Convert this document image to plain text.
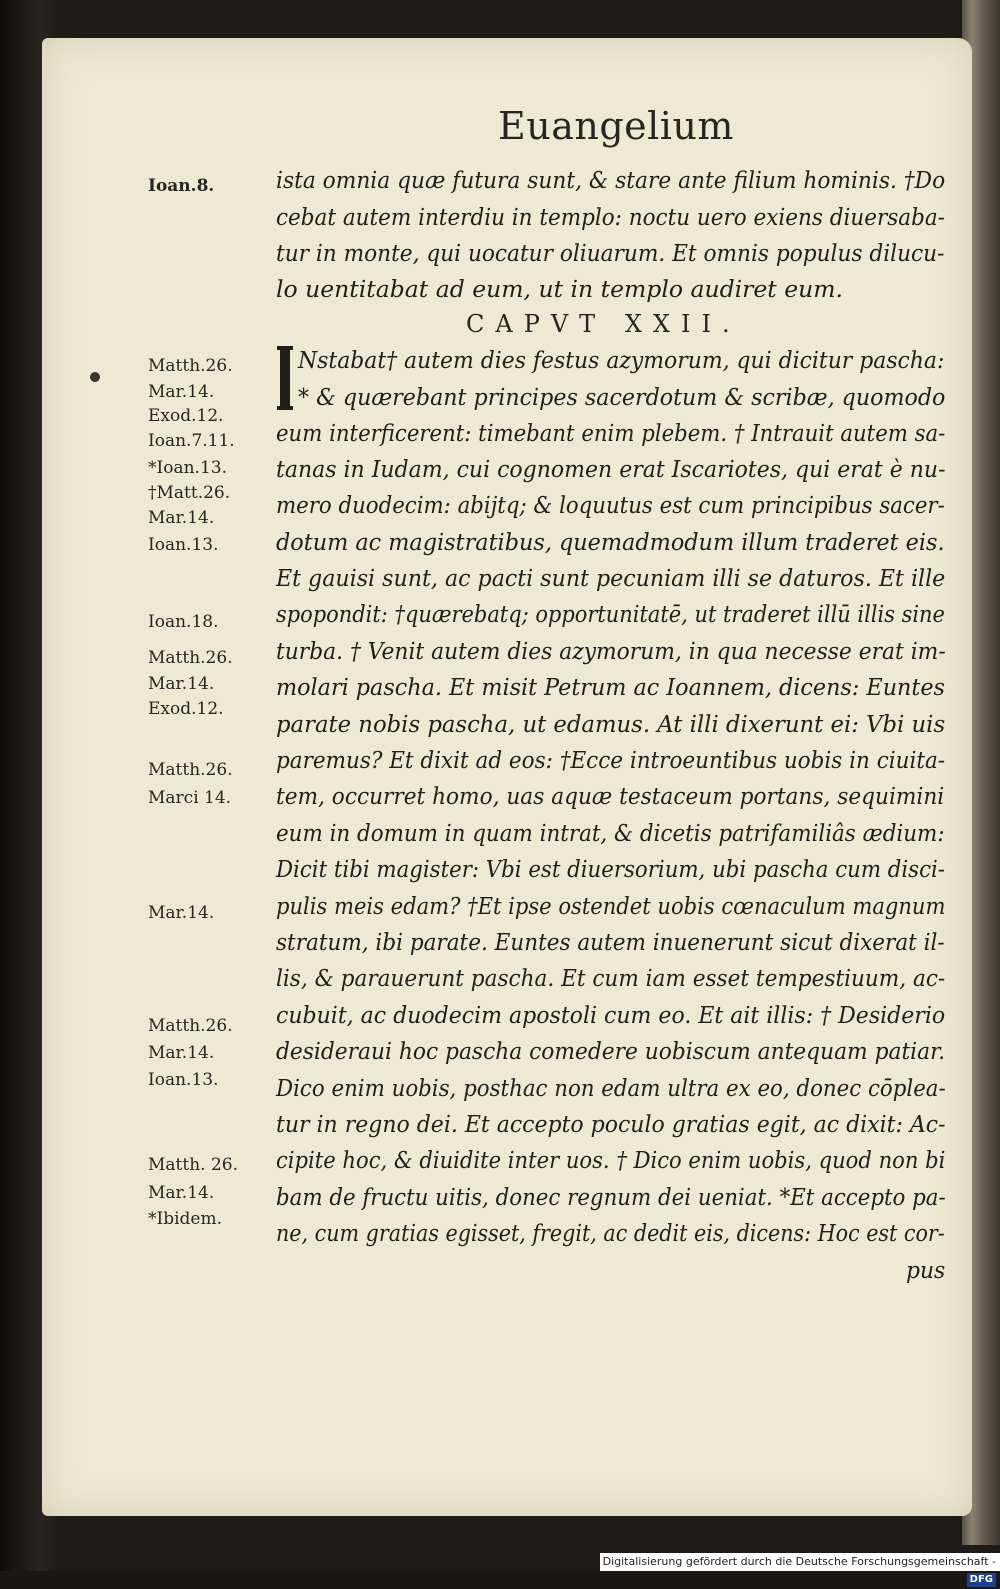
Euangelium
Ioan.8.
Matth.26.
Mar.14.
Exod.12.
Ioan.7.11.
*Ioan.13.
†Matt.26.
Mar.14.
Ioan.13.
Ioan.18.
Matth.26.
Mar.14.
Exod.12.
Matth.26.
Marci 14.
Mar.14.
Matth.26.
Mar.14.
Ioan.13.
Matth. 26.
Mar.14.
*Ibidem.
ista omnia quæ futura sunt, & stare ante filium hominis. †Do
cebat autem interdiu in templo: noctu uero exiens diuersaba-
tur in monte, qui uocatur oliuarum. Et omnis populus dilucu-
lo uentitabat ad eum, ut in templo audiret eum.
CAPVT XXII.
Nstabat† autem dies festus azymorum, qui dicitur pascha:
* & quærebant principes sacerdotum & scribæ, quomodo
eum interficerent: timebant enim plebem. † Intrauit autem sa-
tanas in Iudam, cui cognomen erat Iscariotes, qui erat è nu-
mero duodecim: abijtq; & loquutus est cum principibus sacer-
dotum ac magistratibus, quemadmodum illum traderet eis.
Et gauisi sunt, ac pacti sunt pecuniam illi se daturos. Et ille
spopondit: †quærebatq; opportunitatē, ut traderet illū illis sine
turba. † Venit autem dies azymorum, in qua necesse erat im-
molari pascha. Et misit Petrum ac Ioannem, dicens: Euntes
parate nobis pascha, ut edamus. At illi dixerunt ei: Vbi uis
paremus? Et dixit ad eos: †Ecce introeuntibus uobis in ciuita-
tem, occurret homo, uas aquæ testaceum portans, sequimini
eum in domum in quam intrat, & dicetis patrifamiliâs ædium:
Dicit tibi magister: Vbi est diuersorium, ubi pascha cum disci-
pulis meis edam? †Et ipse ostendet uobis cœnaculum magnum
stratum, ibi parate. Euntes autem inuenerunt sicut dixerat il-
lis, & parauerunt pascha. Et cum iam esset tempestiuum, ac-
cubuit, ac duodecim apostoli cum eo. Et ait illis: † Desiderio
desideraui hoc pascha comedere uobiscum antequam patiar.
Dico enim uobis, posthac non edam ultra ex eo, donec cōplea-
tur in regno dei. Et accepto poculo gratias egit, ac dixit: Ac-
cipite hoc, & diuidite inter uos. † Dico enim uobis, quod non bi
bam de fructu uitis, donec regnum dei ueniat. *Et accepto pa-
ne, cum gratias egisset, fregit, ac dedit eis, dicens: Hoc est cor-
pus
Digitalisierung gefördert durch die Deutsche Forschungsgemeinschaft -DFG
